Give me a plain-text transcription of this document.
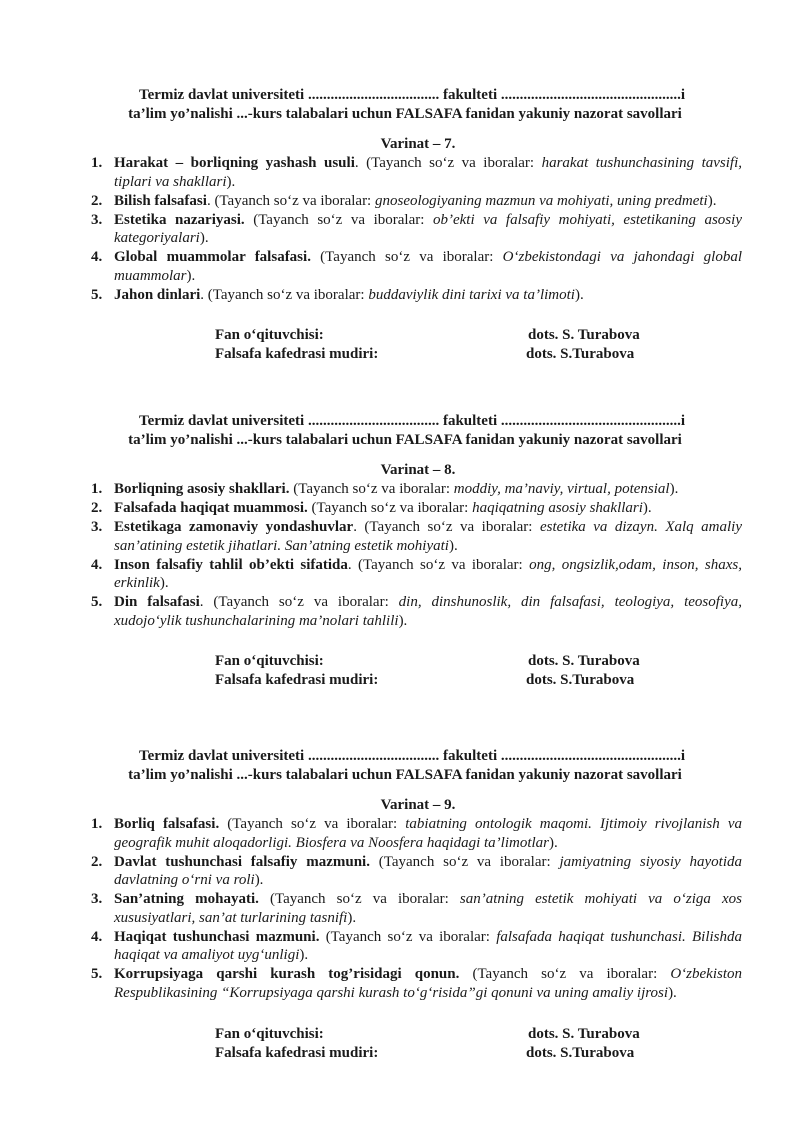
Termiz davlat universiteti ................................... fakulteti ................................................i
ta’lim yo’nalishi ...-kurs talabalari uchun FALSAFA fanidan yakuniy nazorat savollari
Varinat – 7.
1. Harakat – borliqning yashash usuli. (Tayanch so‘z va iboralar: harakat tushunchasining tavsifi, tiplari va shakllari).
2. Bilish falsafasi. (Tayanch so‘z va iboralar: gnoseologiyaning mazmun va mohiyati, uning predmeti).
3. Estetika nazariyasi. (Tayanch so‘z va iboralar: ob’ekti va falsafiy mohiyati, estetikaning asosiy kategoriyalari).
4. Global muammolar falsafasi. (Tayanch so‘z va iboralar: O‘zbekistondagi va jahondagi global muammolar).
5. Jahon dinlari. (Tayanch so‘z va iboralar: buddaviylik dini tarixi va ta’limoti).
Fan o‘qituvchisi:	dots. S. Turabova
Falsafa kafedrasi mudiri:	dots. S.Turabova
Termiz davlat universiteti ................................... fakulteti ................................................i
ta’lim yo’nalishi ...-kurs talabalari uchun FALSAFA fanidan yakuniy nazorat savollari
Varinat – 8.
1. Borliqning asosiy shakllari. (Tayanch so‘z va iboralar: moddiy, ma’naviy, virtual, potensial).
2. Falsafada haqiqat muammosi. (Tayanch so‘z va iboralar: haqiqatning asosiy shakllari).
3. Estetikaga zamonaviy yondashuvlar. (Tayanch so‘z va iboralar: estetika va dizayn. Xalq amaliy san’atining estetik jihatlari. San’atning estetik mohiyati).
4. Inson falsafiy tahlil ob’ekti sifatida. (Tayanch so‘z va iboralar: ong, ongsizlik,odam, inson, shaxs, erkinlik).
5. Din falsafasi. (Tayanch so‘z va iboralar: din, dinshunoslik, din falsafasi, teologiya, teosofiya, xudojo‘ylik tushunchalarining ma’nolari tahlili).
Fan o‘qituvchisi:	dots. S. Turabova
Falsafa kafedrasi mudiri:	dots. S.Turabova
Termiz davlat universiteti ................................... fakulteti ................................................i
ta’lim yo’nalishi ...-kurs talabalari uchun FALSAFA fanidan yakuniy nazorat savollari
Varinat – 9.
1. Borliq falsafasi. (Tayanch so‘z va iboralar: tabiatning ontologik maqomi. Ijtimoiy rivojlanish va geografik muhit aloqadorligi. Biosfera va Noosfera haqidagi ta’limotlar).
2. Davlat tushunchasi falsafiy mazmuni. (Tayanch so‘z va iboralar: jamiyatning siyosiy hayotida davlatning o‘rni va roli).
3. San’atning mohayati. (Tayanch so‘z va iboralar: san’atning estetik mohiyati va o‘ziga xos xususiyatlari, san’at turlarining tasnifi).
4. Haqiqat tushunchasi mazmuni. (Tayanch so‘z va iboralar: falsafada haqiqat tushunchasi. Bilishda haqiqat va amaliyot uyg‘unligi).
5. Korrupsiyaga qarshi kurash tog’risidagi qonun. (Tayanch so‘z va iboralar: O‘zbekiston Respublikasining “Korrupsiyaga qarshi kurash to‘g‘risida”gi qonuni va uning amaliy ijrosi).
Fan o‘qituvchisi:	dots. S. Turabova
Falsafa kafedrasi mudiri:	dots. S.Turabova
